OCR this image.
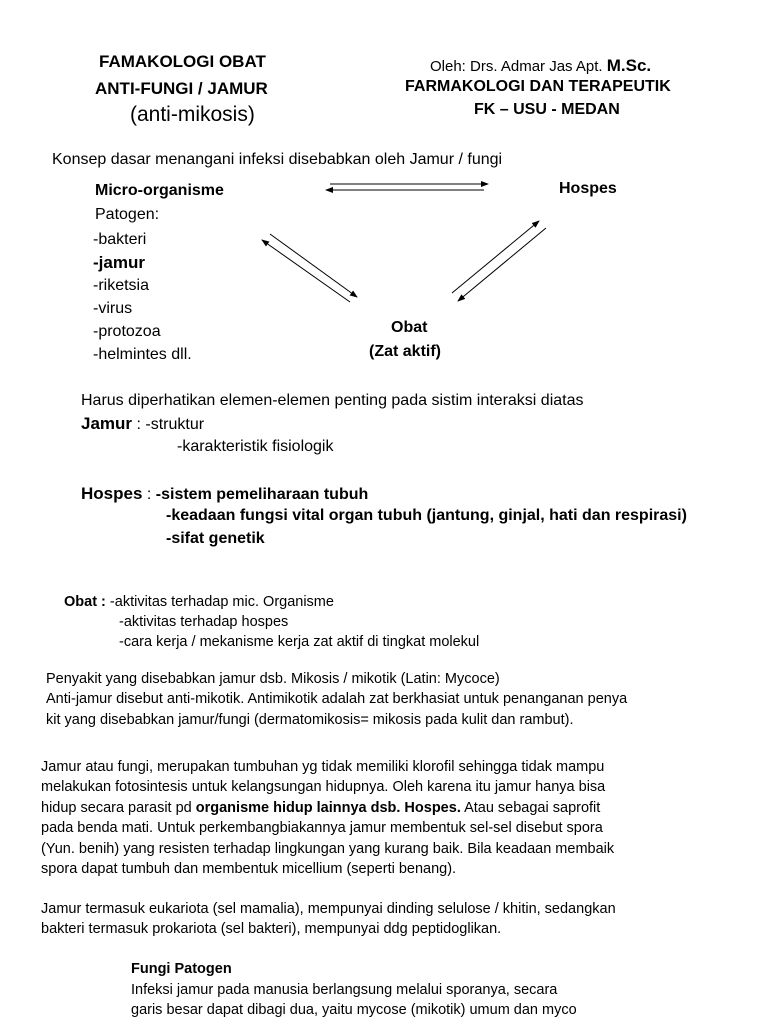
FAMAKOLOGI OBAT
ANTI-FUNGI / JAMUR
(anti-mikosis)
Oleh: Drs. Admar Jas Apt. M.Sc.
FARMAKOLOGI DAN TERAPEUTIK
FK – USU - MEDAN
Konsep dasar menangani infeksi disebabkan oleh Jamur / fungi
Micro-organisme
Patogen:
-bakteri
-jamur
-riketsia
-virus
-protozoa
-helmintes dll.
Hospes
Obat
(Zat aktif)
Harus diperhatikan elemen-elemen penting pada sistim interaksi diatas
Jamur : -struktur
-karakteristik fisiologik
Hospes : -sistem pemeliharaan tubuh
-keadaan fungsi vital organ tubuh (jantung, ginjal, hati dan respirasi)
-sifat genetik
Obat : -aktivitas terhadap mic. Organisme
-aktivitas terhadap hospes
-cara kerja / mekanisme kerja zat aktif di tingkat molekul
Penyakit yang disebabkan jamur dsb. Mikosis / mikotik (Latin: Mycoce)
Anti-jamur disebut anti-mikotik. Antimikotik adalah zat berkhasiat untuk penanganan penya
kit yang disebabkan jamur/fungi (dermatomikosis= mikosis pada kulit dan rambut).
Jamur atau fungi, merupakan tumbuhan yg tidak memiliki klorofil sehingga tidak mampu
melakukan fotosintesis untuk kelangsungan hidupnya. Oleh karena itu jamur hanya bisa
hidup secara parasit pd organisme hidup lainnya dsb. Hospes. Atau sebagai saprofit
pada benda mati. Untuk perkembangbiakannya jamur membentuk sel-sel disebut spora
(Yun. benih) yang resisten terhadap lingkungan yang kurang baik. Bila keadaan membaik
spora dapat tumbuh dan membentuk micellium (seperti benang).
Jamur termasuk eukariota (sel mamalia), mempunyai dinding selulose / khitin, sedangkan
bakteri termasuk prokariota (sel bakteri), mempunyai ddg peptidoglikan.
Fungi Patogen
Infeksi jamur pada manusia berlangsung melalui sporanya, secara
garis besar dapat dibagi dua, yaitu mycose (mikotik) umum dan myco
